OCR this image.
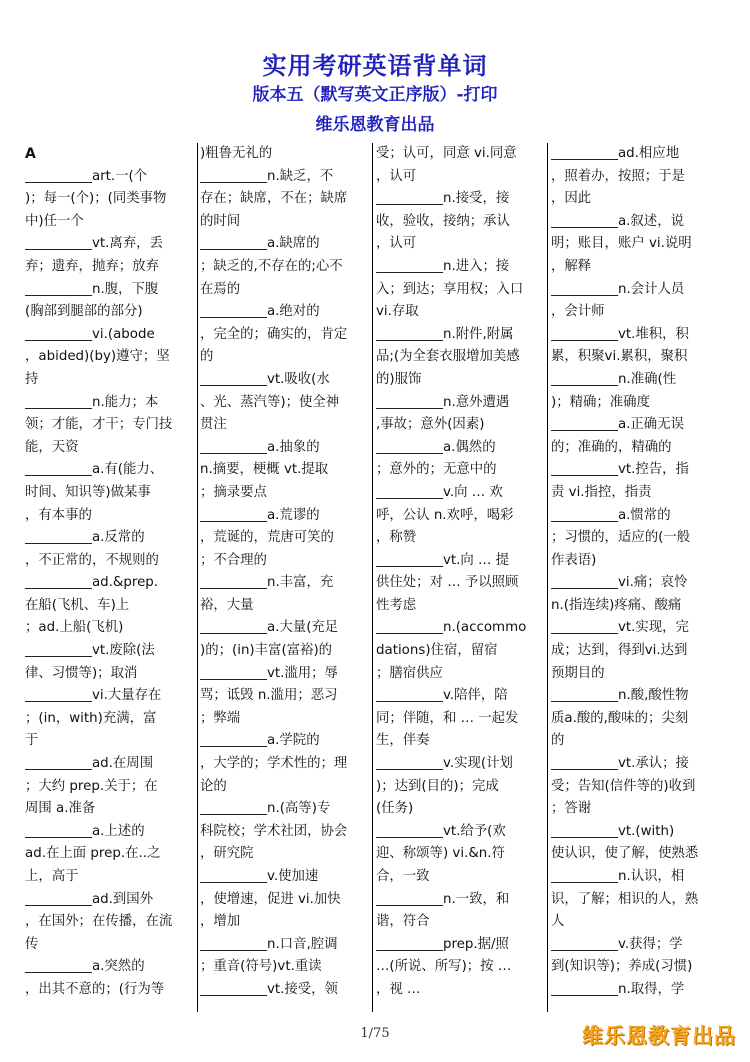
实用考研英语背单词
版本五（默写英文正序版）-打印
维乐恩教育出品
A
__________art.一(个
)；每一(个)；(同类事物
中)任一个
__________vt.离弃，丢
弃；遗弃，抛弃；放弃
__________n.腹，下腹
(胸部到腿部的部分)
__________vi.(abode
，abided)(by)遵守；坚
持
__________n.能力；本
领；才能，才干；专门技
能，天资
__________a.有(能力、
时间、知识等)做某事
，有本事的
__________a.反常的
，不正常的，不规则的
__________ad.&prep.
在船(飞机、车)上
；ad.上船(飞机)
__________vt.废除(法
律、习惯等)；取消
__________vi.大量存在
；(in，with)充满，富
于
__________ad.在周围
；大约 prep.关于；在
周围 a.准备
__________a.上述的
ad.在上面 prep.在..之
上，高于
__________ad.到国外
，在国外；在传播，在流
传
__________a.突然的
，出其不意的；(行为等
)粗鲁无礼的
__________n.缺乏，不
存在；缺席，不在；缺席
的时间
__________a.缺席的
；缺乏的,不存在的;心不
在焉的
__________a.绝对的
，完全的；确实的，肯定
的
__________vt.吸收(水
、光、蒸汽等)；使全神
贯注
__________a.抽象的
n.摘要，梗概 vt.提取
；摘录要点
__________a.荒谬的
，荒诞的，荒唐可笑的
；不合理的
__________n.丰富，充
裕，大量
__________a.大量(充足
)的；(in)丰富(富裕)的
__________vt.滥用；辱
骂；诋毁 n.滥用；恶习
；弊端
__________a.学院的
，大学的；学术性的；理
论的
__________n.(高等)专
科院校；学术社团，协会
，研究院
__________v.使加速
，使增速，促进 vi.加快
，增加
__________n.口音,腔调
；重音(符号)vt.重读
__________vt.接受，领
受；认可，同意 vi.同意
，认可
__________n.接受，接
收，验收，接纳；承认
，认可
__________n.进入；接
入；到达；享用权；入口
vi.存取
__________n.附件,附属
品;(为全套衣服增加美感
的)服饰
__________n.意外遭遇
,事故；意外(因素)
__________a.偶然的
；意外的；无意中的
__________v.向 … 欢
呼，公认 n.欢呼，喝彩
，称赞
__________vt.向 … 提
供住处；对 … 予以照顾
性考虑
__________n.(accommo
dations)住宿，留宿
；膳宿供应
__________v.陪伴，陪
同；伴随，和 … 一起发
生，伴奏
__________v.实现(计划
)；达到(目的)；完成
(任务)
__________vt.给予(欢
迎、称颂等) vi.&n.符
合，一致
__________n.一致，和
谐，符合
__________prep.据/照
…(所说、所写)；按 …
，视 …
__________ad.相应地
，照着办，按照；于是
，因此
__________a.叙述，说
明；账目，账户 vi.说明
，解释
__________n.会计人员
，会计师
__________vt.堆积，积
累，积聚vi.累积，聚积
__________n.准确(性
)；精确；准确度
__________a.正确无误
的；准确的，精确的
__________vt.控告，指
责 vi.指控，指责
__________a.惯常的
；习惯的，适应的(一般
作表语)
__________vi.痛；哀怜
n.(指连续)疼痛、酸痛
__________vt.实现，完
成；达到，得到vi.达到
预期目的
__________n.酸,酸性物
质a.酸的,酸味的；尖刻
的
__________vt.承认；接
受；告知(信件等的)收到
；答谢
__________vt.(with)
使认识，使了解，使熟悉
__________n.认识，相
识，了解；相识的人，熟
人
__________v.获得；学
到(知识等)；养成(习惯)
__________n.取得，学
1/75	维乐恩教育出品
